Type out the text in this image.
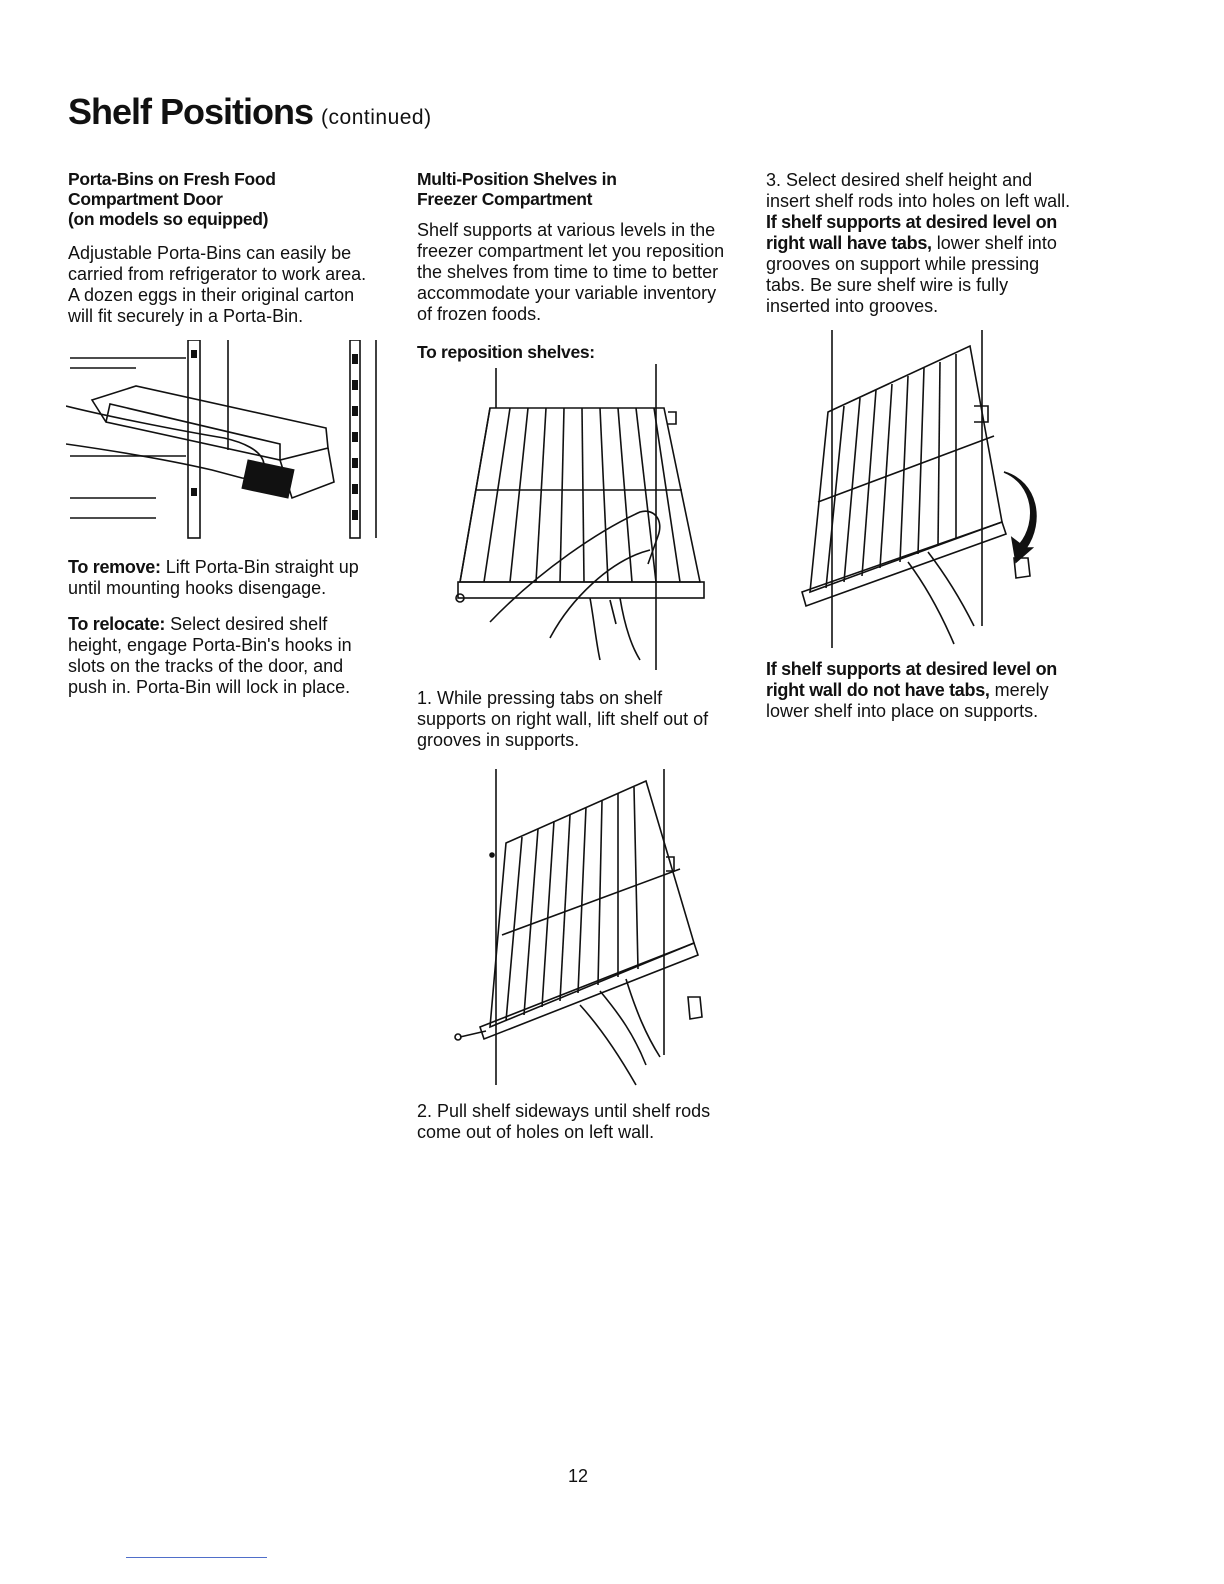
Shelf Positions (continued)
Porta-Bins on Fresh Food
Compartment Door
(on models so equipped)

Adjustable Porta-Bins can easily be carried from refrigerator to work area. A dozen eggs in their original carton will fit securely in a Porta-Bin.

To remove: Lift Porta-Bin straight up until mounting hooks disengage.

To relocate: Select desired shelf height, engage Porta-Bin's hooks in slots on the tracks of the door, and push in. Porta-Bin will lock in place.

Multi-Position Shelves in
Freezer Compartment

Shelf supports at various levels in the freezer compartment let you reposition the shelves from time to time to better accommodate your variable inventory of frozen foods.

To reposition shelves:

1. While pressing tabs on shelf supports on right wall, lift shelf out of grooves in supports.

2. Pull shelf sideways until shelf rods come out of holes on left wall.

3. Select desired shelf height and insert shelf rods into holes on left wall. If shelf supports at desired level on right wall have tabs, lower shelf into grooves on support while pressing tabs. Be sure shelf wire is fully inserted into grooves.

If shelf supports at desired level on right wall do not have tabs, merely lower shelf into place on supports.

12
